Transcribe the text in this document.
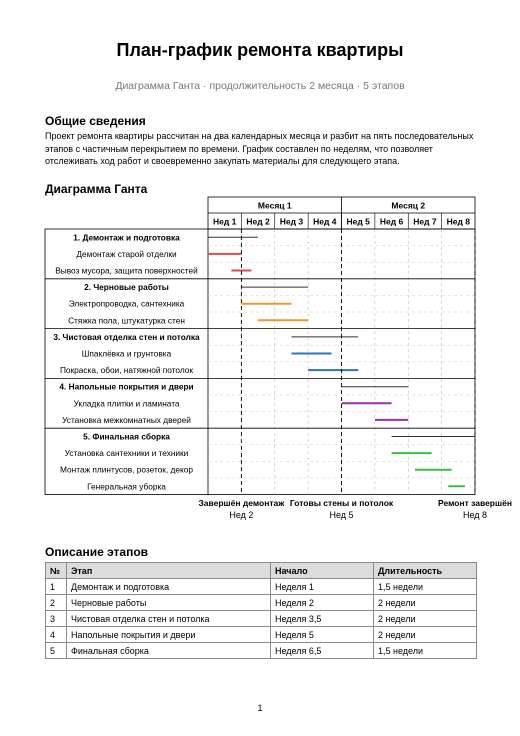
План-график ремонта квартиры
Диаграмма Ганта · продолжительность 2 месяца · 5 этапов
Общие сведения
Проект ремонта квартиры рассчитан на два календарных месяца и разбит на пять последовательных этапов с частичным перекрытием по времени. График составлен по неделям, что позволяет отслеживать ход работ и своевременно закупать материалы для следующего этапа.
Диаграмма Ганта
Месяц 1	Месяц 2
Нед 1 Нед 2 Нед 3 Нед 4 Нед 5 Нед 6 Нед 7 Нед 8
1. Демонтаж и подготовка
Демонтаж старой отделки
Вывоз мусора, защита поверхностей
2. Черновые работы
Электропроводка, сантехника
Стяжка пола, штукатурка стен
3. Чистовая отделка стен и потолка
Шпаклёвка и грунтовка
Покраска, обои, натяжной потолок
4. Напольные покрытия и двери
Укладка плитки и ламината
Установка межкомнатных дверей
5. Финальная сборка
Установка сантехники и техники
Монтаж плинтусов, розеток, декор
Генеральная уборка
Завершён демонтаж
Нед 2
Готовы стены и потолок
Нед 5
Ремонт завершён
Нед 8
Описание этапов
№	Этап	Начало	Длительность
1	Демонтаж и подготовка	Неделя 1	1,5 недели
2	Черновые работы	Неделя 2	2 недели
3	Чистовая отделка стен и потолка	Неделя 3,5	2 недели
4	Напольные покрытия и двери	Неделя 5	2 недели
5	Финальная сборка	Неделя 6,5	1,5 недели
1
